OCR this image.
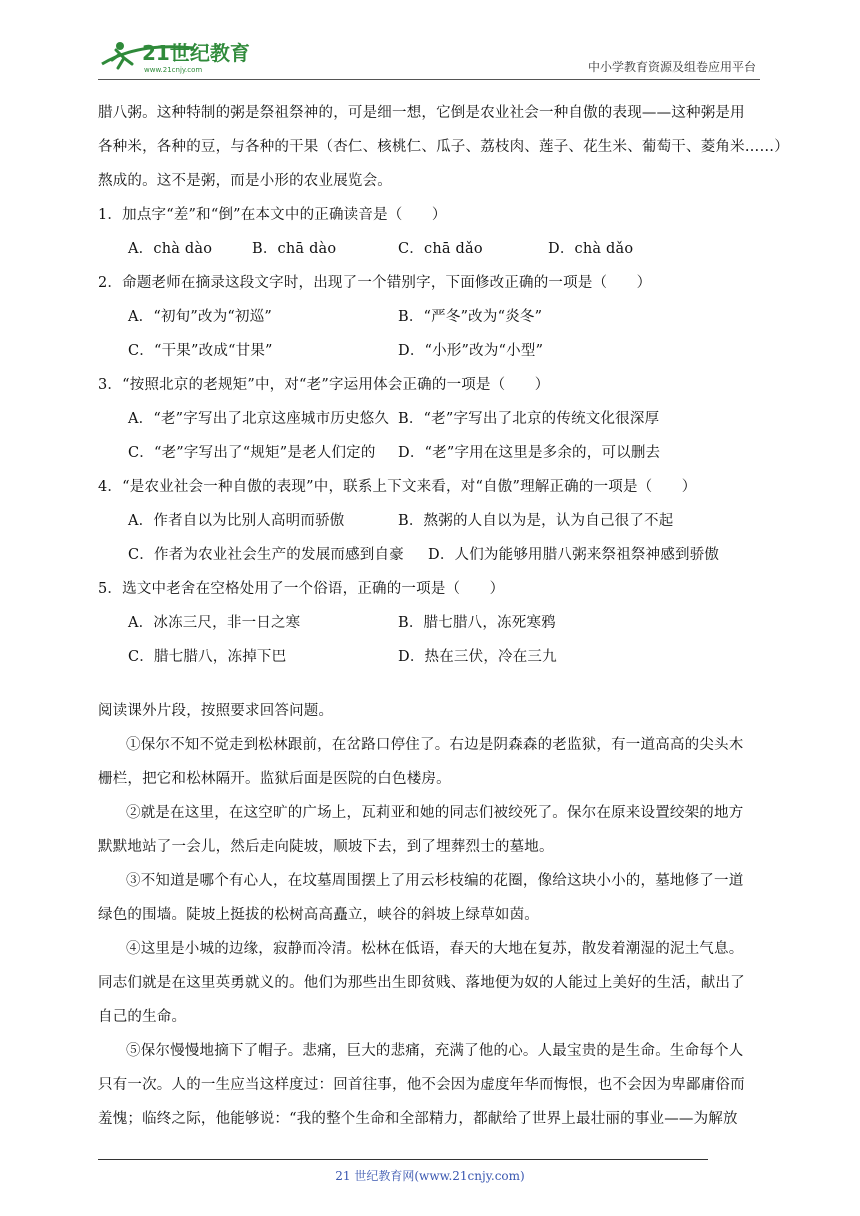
21世纪教育
www.21cnjy.com	中小学教育资源及组卷应用平台
腊八粥。这种特制的粥是祭祖祭神的，可是细一想，它倒是农业社会一种自傲的表现——这种粥是用
各种米，各种的豆，与各种的干果（杏仁、核桃仁、瓜子、荔枝肉、莲子、花生米、葡萄干、菱角米……）
熬成的。这不是粥，而是小形的农业展览会。
1．加点字“差”和“倒”在本文中的正确读音是（　　）
A．chà dào	B．chā dào	C．chā dǎo	D．chà dǎo
2．命题老师在摘录这段文字时，出现了一个错别字，下面修改正确的一项是（　　）
A．“初旬”改为“初巡”	B．“严冬”改为“炎冬”
C．“干果”改成“甘果”	D．“小形”改为“小型”
3．“按照北京的老规矩”中，对“老”字运用体会正确的一项是（　　）
A．“老”字写出了北京这座城市历史悠久 B．“老”字写出了北京的传统文化很深厚
C．“老”字写出了“规矩”是老人们定的	D．“老”字用在这里是多余的，可以删去
4．“是农业社会一种自傲的表现”中，联系上下文来看，对“自傲”理解正确的一项是（　　）
A．作者自以为比别人高明而骄傲	B．熬粥的人自以为是，认为自己很了不起
C．作者为农业社会生产的发展而感到自豪	D．人们为能够用腊八粥来祭祖祭神感到骄傲
5．选文中老舍在空格处用了一个俗语，正确的一项是（　　）
A．冰冻三尺，非一日之寒	B．腊七腊八，冻死寒鸦
C．腊七腊八，冻掉下巴	D．热在三伏，冷在三九
阅读课外片段，按照要求回答问题。
①保尔不知不觉走到松林跟前，在岔路口停住了。右边是阴森森的老监狱，有一道高高的尖头木
栅栏，把它和松林隔开。监狱后面是医院的白色楼房。
②就是在这里，在这空旷的广场上，瓦莉亚和她的同志们被绞死了。保尔在原来设置绞架的地方
默默地站了一会儿，然后走向陡坡，顺坡下去，到了埋葬烈士的墓地。
③不知道是哪个有心人，在坟墓周围摆上了用云杉枝编的花圈，像给这块小小的，墓地修了一道
绿色的围墙。陡坡上挺拔的松树高高矗立，峡谷的斜坡上绿草如茵。
④这里是小城的边缘，寂静而冷清。松林在低语，春天的大地在复苏，散发着潮湿的泥土气息。
同志们就是在这里英勇就义的。他们为那些出生即贫贱、落地便为奴的人能过上美好的生活，献出了
自己的生命。
⑤保尔慢慢地摘下了帽子。悲痛，巨大的悲痛，充满了他的心。人最宝贵的是生命。生命每个人
只有一次。人的一生应当这样度过：回首往事，他不会因为虚度年华而悔恨，也不会因为卑鄙庸俗而
羞愧；临终之际，他能够说：“我的整个生命和全部精力，都献给了世界上最壮丽的事业——为解放
21 世纪教育网(www.21cnjy.com)
